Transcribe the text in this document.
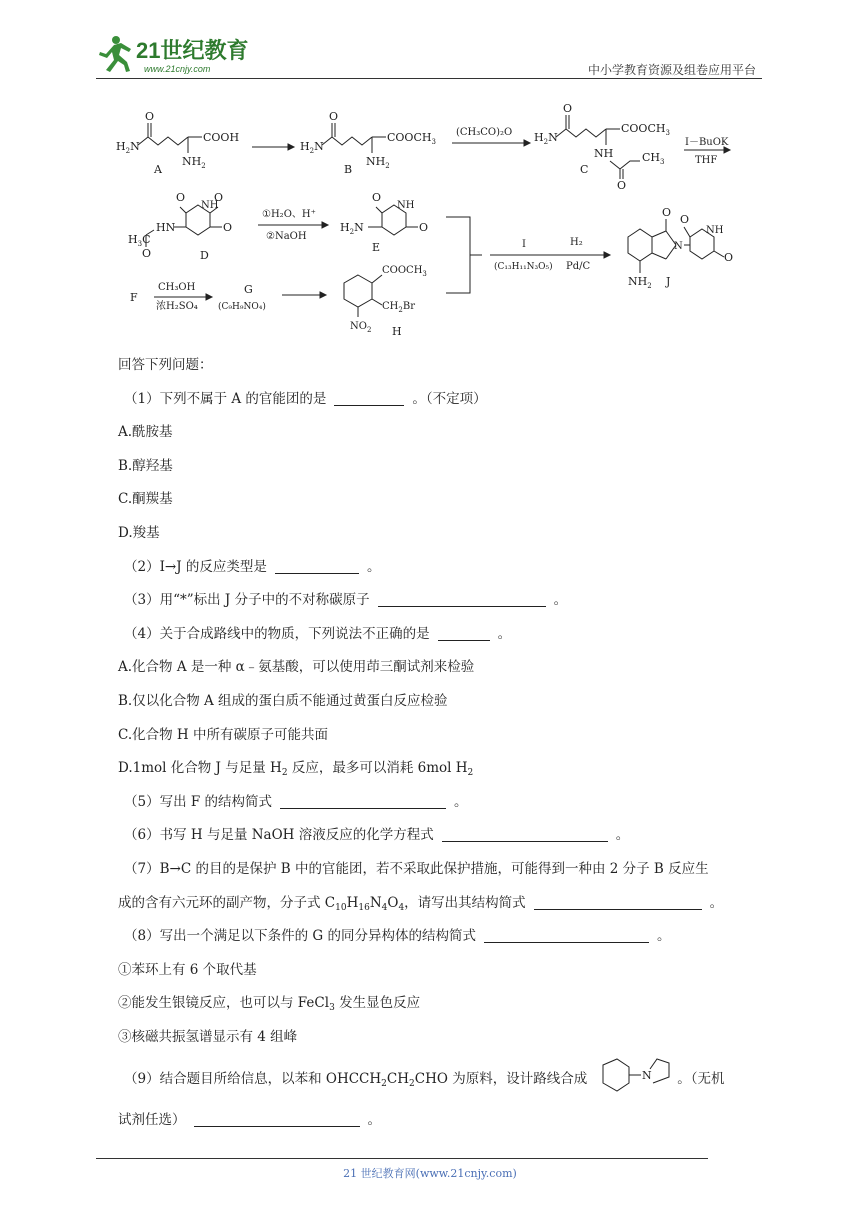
21世纪教育
www.21cnjy.com	中小学教育资源及组卷应用平台
$H_2N$
O
COOH
$NH_2$
A
$H_2N$
O
$COOCH_3$
$NH_2$
B
(CH₃CO)₂O $H_2N$
O
$COOCH_3$
NH
O
$CH_3$
C
I－BuOK
THF
NH
O
O
O
HN
O
$H_3C$
D
①H₂O、H⁺
②NaOH
NH
O
O
$H_2N$
E	I
(C₁₃H₁₁N₃O₅)
H₂
Pd/C
O
N
NH
O
O
$NH_2$ J
F
CH₃OH
浓H₂SO₄
G
(C₉H₉NO₄)
$COOCH_3$
$CH_2Br$
$NO_2$ H
回答下列问题：
（1）下列不属于 A 的官能团的是	。（不定项）
A.酰胺基
B.醇羟基
C.酮羰基
D.羧基
（2）I→J 的反应类型是	。
（3）用“*”标出 J 分子中的不对称碳原子	。
（4）关于合成路线中的物质，下列说法不正确的是	。
A.化合物 A 是一种 α﹣氨基酸，可以使用茚三酮试剂来检验
B.仅以化合物 A 组成的蛋白质不能通过黄蛋白反应检验
C.化合物 H 中所有碳原子可能共面
D.1mol 化合物 J 与足量 $H_2$ 反应，最多可以消耗 6mol $H_2$
（5）写出 F 的结构简式	。
（6）书写 H 与足量 NaOH 溶液反应的化学方程式	。
（7）B→C 的目的是保护 B 中的官能团，若不采取此保护措施，可能得到一种由 2 分子 B 反应生
成的含有六元环的副产物，分子式 $C_{10}H_{16}N_4O_4$，请写出其结构简式	。
（8）写出一个满足以下条件的 G 的同分异构体的结构简式	。
①苯环上有 6 个取代基
②能发生银镜反应，也可以与 FeCl$_3$ 发生显色反应
③核磁共振氢谱显示有 4 组峰
（9）结合题目所给信息，以苯和 $OHCCH_2CH_2CHO$ 为原料，设计路线合成	N 。（无机
试剂任选）	。
21 世纪教育网(www.21cnjy.com)
